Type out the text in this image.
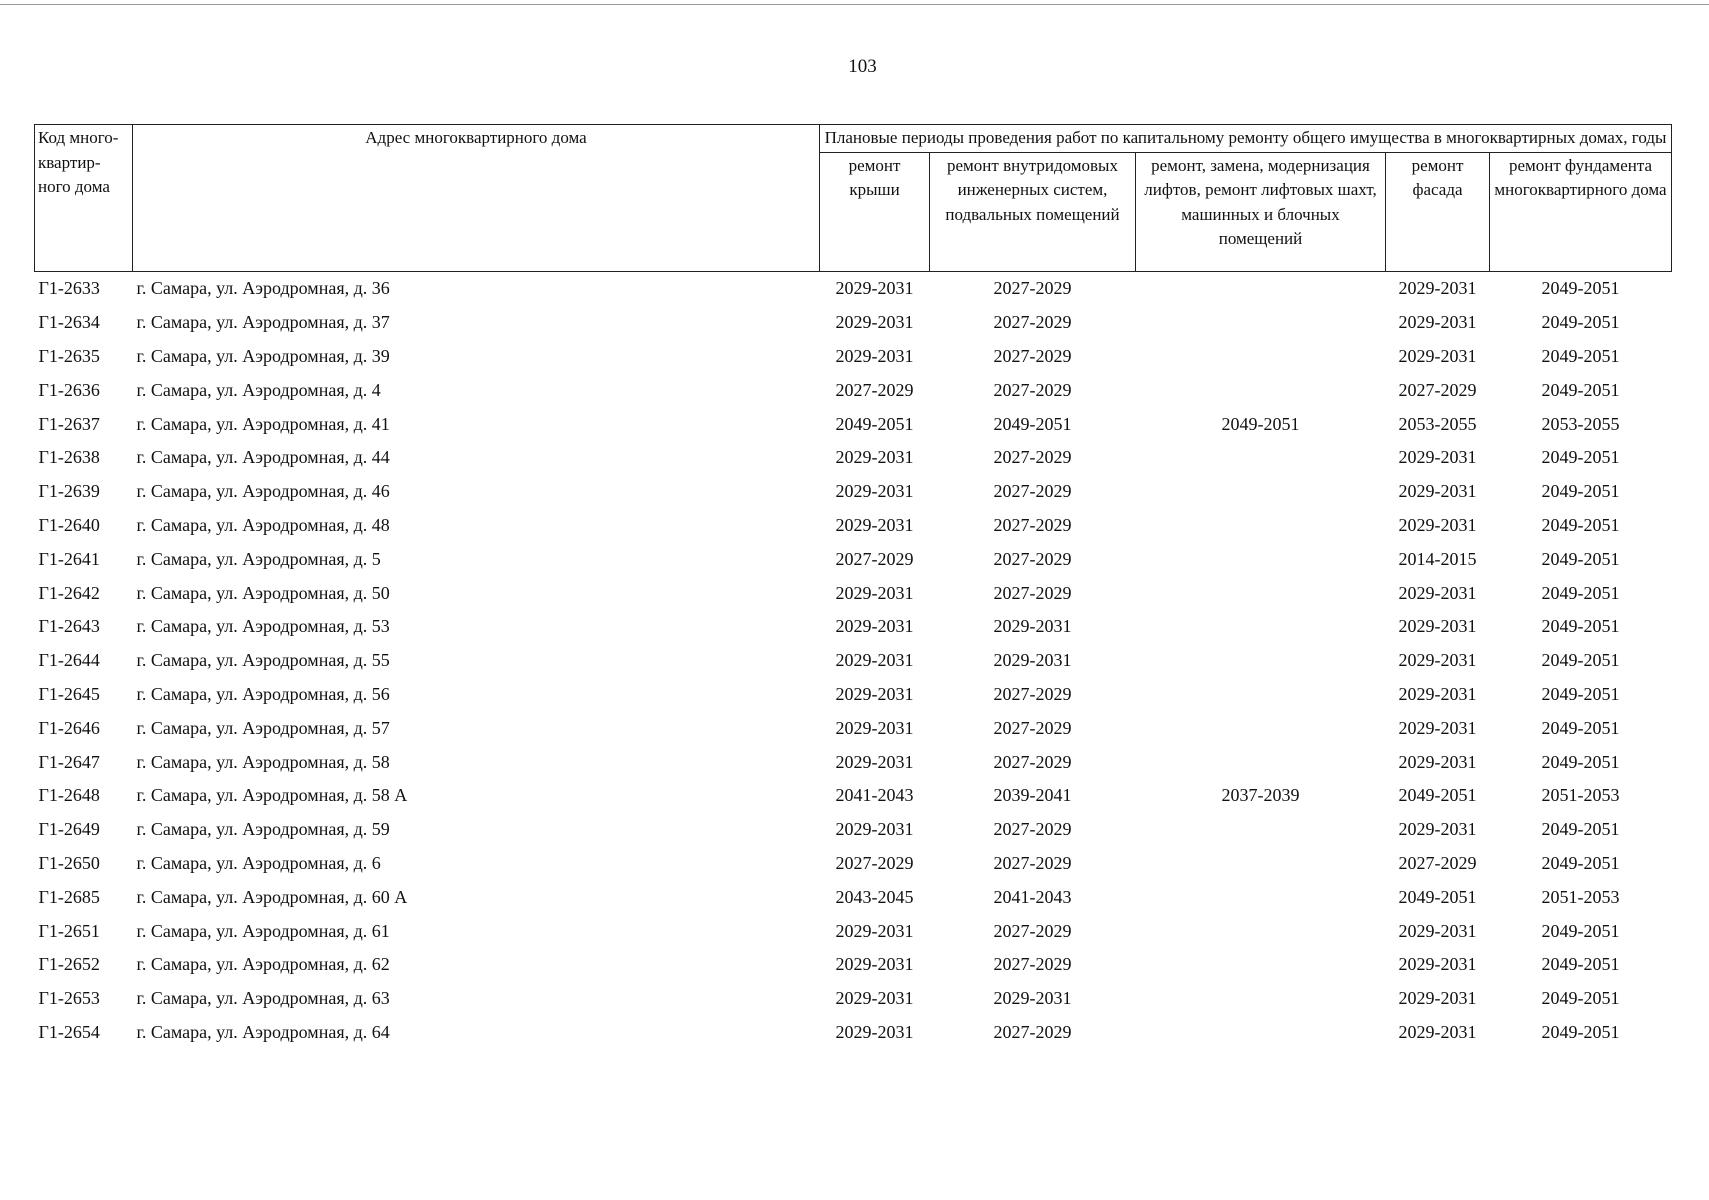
103
Код много- квартир- ного дома	Адрес многоквартирного дома	Плановые периоды проведения работ по капитальному ремонту общего имущества в многоквартирных домах, годы				
		ремонт крыши	ремонт внутридомовых инженерных систем, подвальных помещений	ремонт, замена, модернизация лифтов, ремонт лифтовых шахт, машинных и блочных помещений	ремонт фасада	ремонт фундамента многоквартирного дома
Г1-2633	г. Самара, ул. Аэродромная, д. 36	2029-2031	2027-2029		2029-2031	2049-2051
Г1-2634	г. Самара, ул. Аэродромная, д. 37	2029-2031	2027-2029		2029-2031	2049-2051
Г1-2635	г. Самара, ул. Аэродромная, д. 39	2029-2031	2027-2029		2029-2031	2049-2051
Г1-2636	г. Самара, ул. Аэродромная, д. 4	2027-2029	2027-2029		2027-2029	2049-2051
Г1-2637	г. Самара, ул. Аэродромная, д. 41	2049-2051	2049-2051	2049-2051	2053-2055	2053-2055
Г1-2638	г. Самара, ул. Аэродромная, д. 44	2029-2031	2027-2029		2029-2031	2049-2051
Г1-2639	г. Самара, ул. Аэродромная, д. 46	2029-2031	2027-2029		2029-2031	2049-2051
Г1-2640	г. Самара, ул. Аэродромная, д. 48	2029-2031	2027-2029		2029-2031	2049-2051
Г1-2641	г. Самара, ул. Аэродромная, д. 5	2027-2029	2027-2029		2014-2015	2049-2051
Г1-2642	г. Самара, ул. Аэродромная, д. 50	2029-2031	2027-2029		2029-2031	2049-2051
Г1-2643	г. Самара, ул. Аэродромная, д. 53	2029-2031	2029-2031		2029-2031	2049-2051
Г1-2644	г. Самара, ул. Аэродромная, д. 55	2029-2031	2029-2031		2029-2031	2049-2051
Г1-2645	г. Самара, ул. Аэродромная, д. 56	2029-2031	2027-2029		2029-2031	2049-2051
Г1-2646	г. Самара, ул. Аэродромная, д. 57	2029-2031	2027-2029		2029-2031	2049-2051
Г1-2647	г. Самара, ул. Аэродромная, д. 58	2029-2031	2027-2029		2029-2031	2049-2051
Г1-2648	г. Самара, ул. Аэродромная, д. 58 А	2041-2043	2039-2041	2037-2039	2049-2051	2051-2053
Г1-2649	г. Самара, ул. Аэродромная, д. 59	2029-2031	2027-2029		2029-2031	2049-2051
Г1-2650	г. Самара, ул. Аэродромная, д. 6	2027-2029	2027-2029		2027-2029	2049-2051
Г1-2685	г. Самара, ул. Аэродромная, д. 60 А	2043-2045	2041-2043		2049-2051	2051-2053
Г1-2651	г. Самара, ул. Аэродромная, д. 61	2029-2031	2027-2029		2029-2031	2049-2051
Г1-2652	г. Самара, ул. Аэродромная, д. 62	2029-2031	2027-2029		2029-2031	2049-2051
Г1-2653	г. Самара, ул. Аэродромная, д. 63	2029-2031	2029-2031		2029-2031	2049-2051
Г1-2654	г. Самара, ул. Аэродромная, д. 64	2029-2031	2027-2029		2029-2031	2049-2051
